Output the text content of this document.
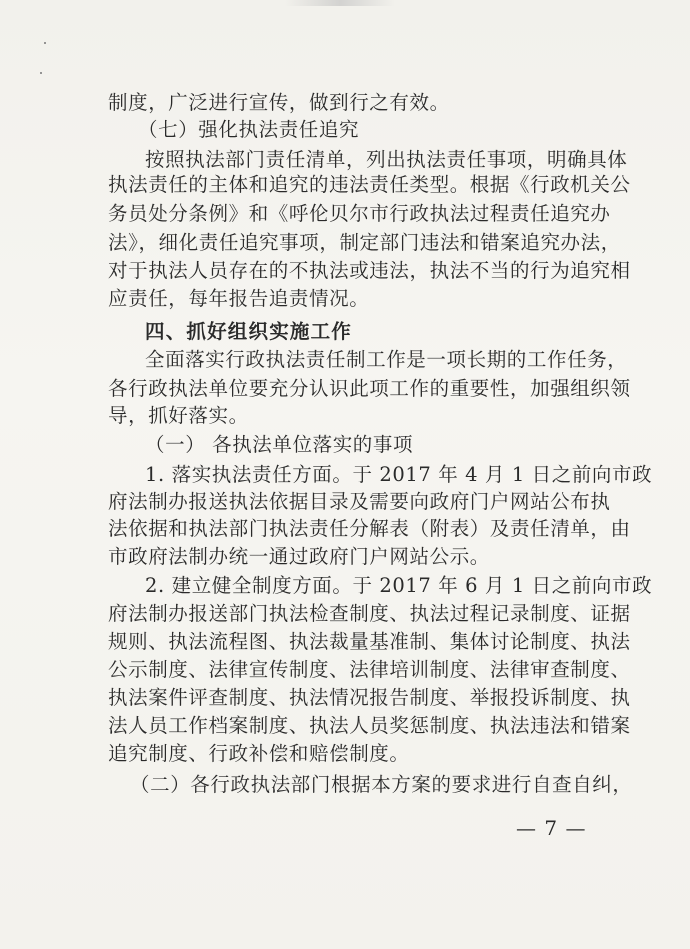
制度，广泛进行宣传，做到行之有效。
（七）强化执法责任追究
按照执法部门责任清单，列出执法责任事项，明确具体
执法责任的主体和追究的违法责任类型。根据《行政机关公
务员处分条例》和《呼伦贝尔市行政执法过程责任追究办
法》，细化责任追究事项，制定部门违法和错案追究办法，
对于执法人员存在的不执法或违法，执法不当的行为追究相
应责任，每年报告追责情况。
四、抓好组织实施工作
全面落实行政执法责任制工作是一项长期的工作任务，
各行政执法单位要充分认识此项工作的重要性，加强组织领
导，抓好落实。
（一） 各执法单位落实的事项
1. 落实执法责任方面。于 2017 年 4 月 1 日之前向市政
府法制办报送执法依据目录及需要向政府门户网站公布执
法依据和执法部门执法责任分解表（附表）及责任清单，由
市政府法制办统一通过政府门户网站公示。
2. 建立健全制度方面。于 2017 年 6 月 1 日之前向市政
府法制办报送部门执法检查制度、执法过程记录制度、证据
规则、执法流程图、执法裁量基准制、集体讨论制度、执法
公示制度、法律宣传制度、法律培训制度、法律审查制度、
执法案件评查制度、执法情况报告制度、举报投诉制度、执
法人员工作档案制度、执法人员奖惩制度、执法违法和错案
追究制度、行政补偿和赔偿制度。
（二）各行政执法部门根据本方案的要求进行自查自纠，
— 7 —
